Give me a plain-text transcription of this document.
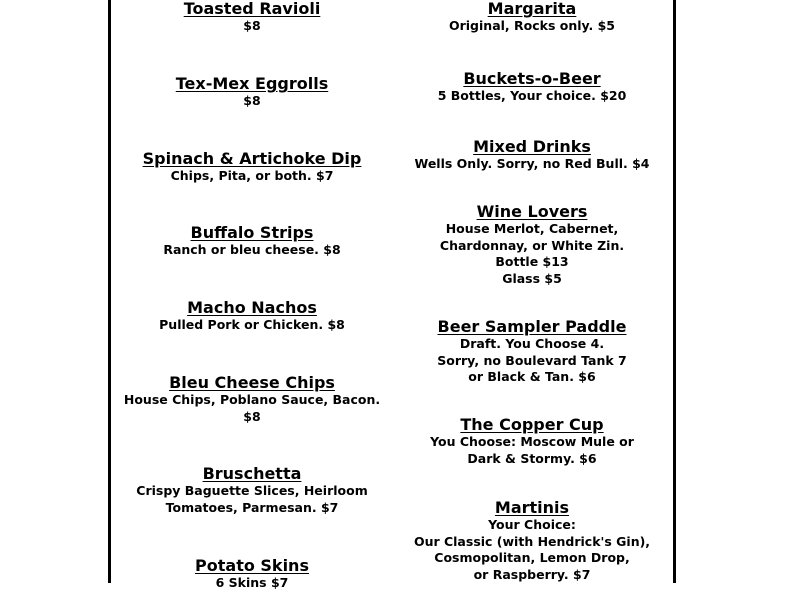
Toasted Ravioli
$8
Tex-Mex Eggrolls
$8
Spinach & Artichoke Dip
Chips, Pita, or both. $7
Buffalo Strips
Ranch or bleu cheese. $8
Macho Nachos
Pulled Pork or Chicken. $8
Bleu Cheese Chips
House Chips, Poblano Sauce, Bacon.
$8
Bruschetta
Crispy Baguette Slices, Heirloom
Tomatoes, Parmesan. $7
Potato Skins
6 Skins $7
Margarita
Original, Rocks only. $5
Buckets-o-Beer
5 Bottles, Your choice. $20
Mixed Drinks
Wells Only. Sorry, no Red Bull. $4
Wine Lovers
House Merlot, Cabernet,
Chardonnay, or White Zin.
Bottle $13
Glass $5
Beer Sampler Paddle
Draft. You Choose 4.
Sorry, no Boulevard Tank 7
or Black & Tan. $6
The Copper Cup
You Choose: Moscow Mule or
Dark & Stormy. $6
Martinis
Your Choice:
Our Classic (with Hendrick's Gin),
Cosmopolitan, Lemon Drop,
or Raspberry. $7
